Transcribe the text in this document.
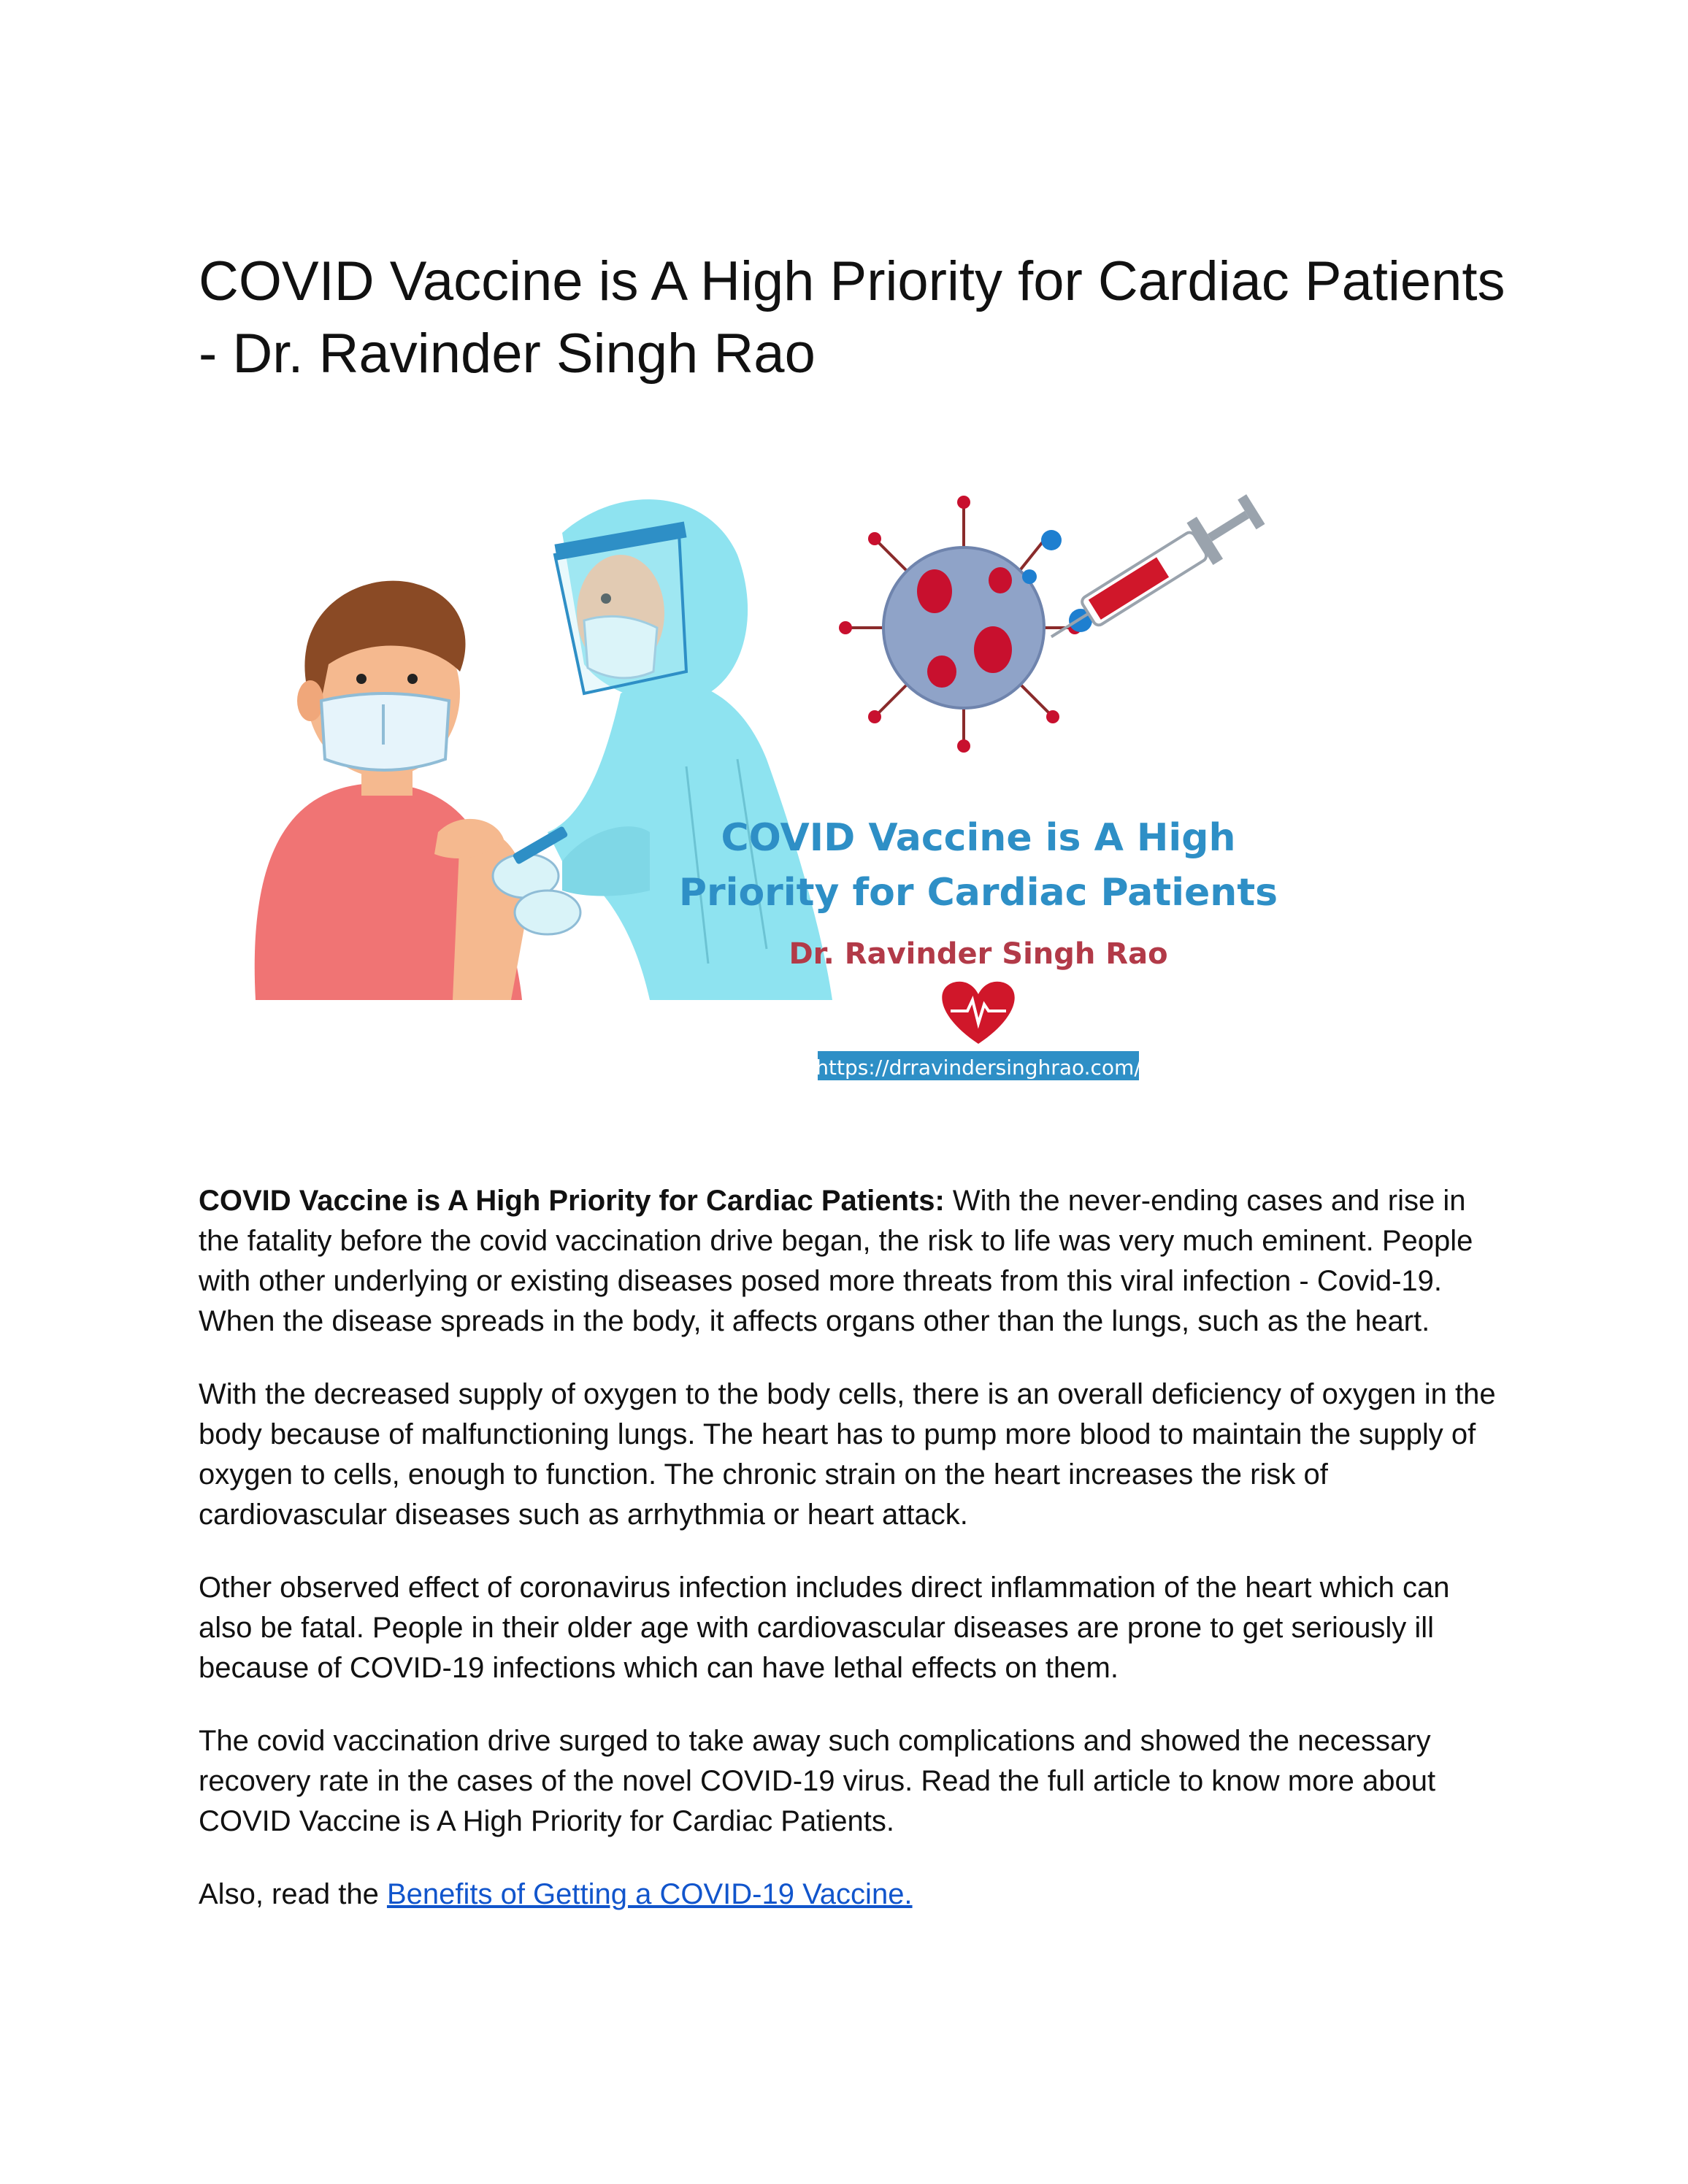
COVID Vaccine is A High Priority for Cardiac Patients - Dr. Ravinder Singh Rao
COVID Vaccine is A High
Priority for Cardiac Patients
Dr. Ravinder Singh Rao
https://drravindersinghrao.com/

COVID Vaccine is A High Priority for Cardiac Patients: With the never-ending cases and rise in the fatality before the covid vaccination drive began, the risk to life was very much eminent. People with other underlying or existing diseases posed more threats from this viral infection - Covid-19. When the disease spreads in the body, it affects organs other than the lungs, such as the heart.

With the decreased supply of oxygen to the body cells, there is an overall deficiency of oxygen in the body because of malfunctioning lungs. The heart has to pump more blood to maintain the supply of oxygen to cells, enough to function. The chronic strain on the heart increases the risk of cardiovascular diseases such as arrhythmia or heart attack.

Other observed effect of coronavirus infection includes direct inflammation of the heart which can also be fatal. People in their older age with cardiovascular diseases are prone to get seriously ill because of COVID-19 infections which can have lethal effects on them.

The covid vaccination drive surged to take away such complications and showed the necessary recovery rate in the cases of the novel COVID-19 virus. Read the full article to know more about COVID Vaccine is A High Priority for Cardiac Patients.

Also, read the Benefits of Getting a COVID-19 Vaccine.
